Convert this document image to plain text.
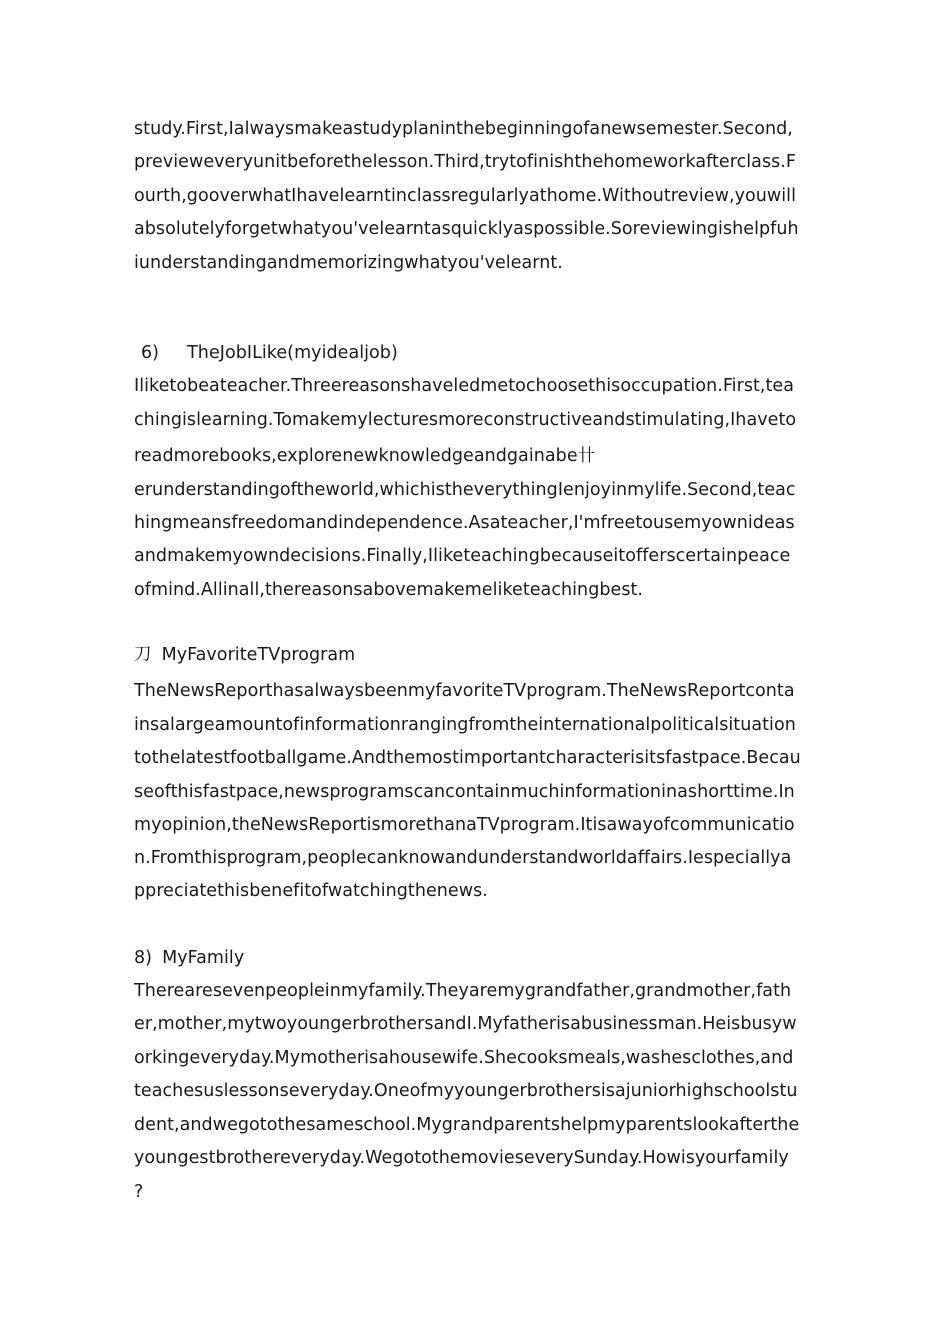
study.First,Ialwaysmakeastudyplaninthebeginningofanewsemester.Second,
previeweveryunitbeforethelesson.Third,trytofinishthehomeworkafterclass.F
ourth,gooverwhatIhavelearntinclassregularlyathome.Withoutreview,youwill
absolutelyforgetwhatyou'velearntasquicklyaspossible.Soreviewingishelpfuh
iunderstandingandmemorizingwhatyou'velearnt.
6) TheJobILike(myidealjob)
Iliketobeateacher.Threereasonshaveledmetochoosethisoccupation.First,tea
chingislearning.Tomakemylecturesmoreconstructiveandstimulating,Ihaveto
readmorebooks,explorenewknowledgeandgainabe卄
erunderstandingoftheworld,whichistheverythingIenjoyinmylife.Second,teac
hingmeansfreedomandindependence.Asateacher,I'mfreetousemyownideas
andmakemyowndecisions.Finally,Iliketeachingbecauseitofferscertainpeace
ofmind.Allinall,thereasonsabovemakemeliketeachingbest.
刀 MyFavoriteTVprogram
TheNewsReporthasalwaysbeenmyfavoriteTVprogram.TheNewsReportconta
insalargeamountofinformationrangingfromtheinternationalpoliticalsituation
tothelatestfootballgame.Andthemostimportantcharacterisitsfastpace.Becau
seofthisfastpace,newsprogramscancontainmuchinformationinashorttime.In
myopinion,theNewsReportismorethanaTVprogram.Itisawayofcommunicatio
n.Fromthisprogram,peoplecanknowandunderstandworldaffairs.Iespeciallya
ppreciatethisbenefitofwatchingthenews.
8) MyFamily
Therearesevenpeopleinmyfamily.Theyaremygrandfather,grandmother,fath
er,mother,mytwoyoungerbrothersandI.Myfatherisabusinessman.Heisbusyw
orkingeveryday.Mymotherisahousewife.Shecooksmeals,washesclothes,and
teachesuslessonseveryday.Oneofmyyoungerbrothersisajuniorhighschoolstu
dent,andwegotothesameschool.Mygrandparentshelpmyparentslookafterthe
youngestbrothereveryday.WegotothemovieseverySunday.Howisyourfamily
?
